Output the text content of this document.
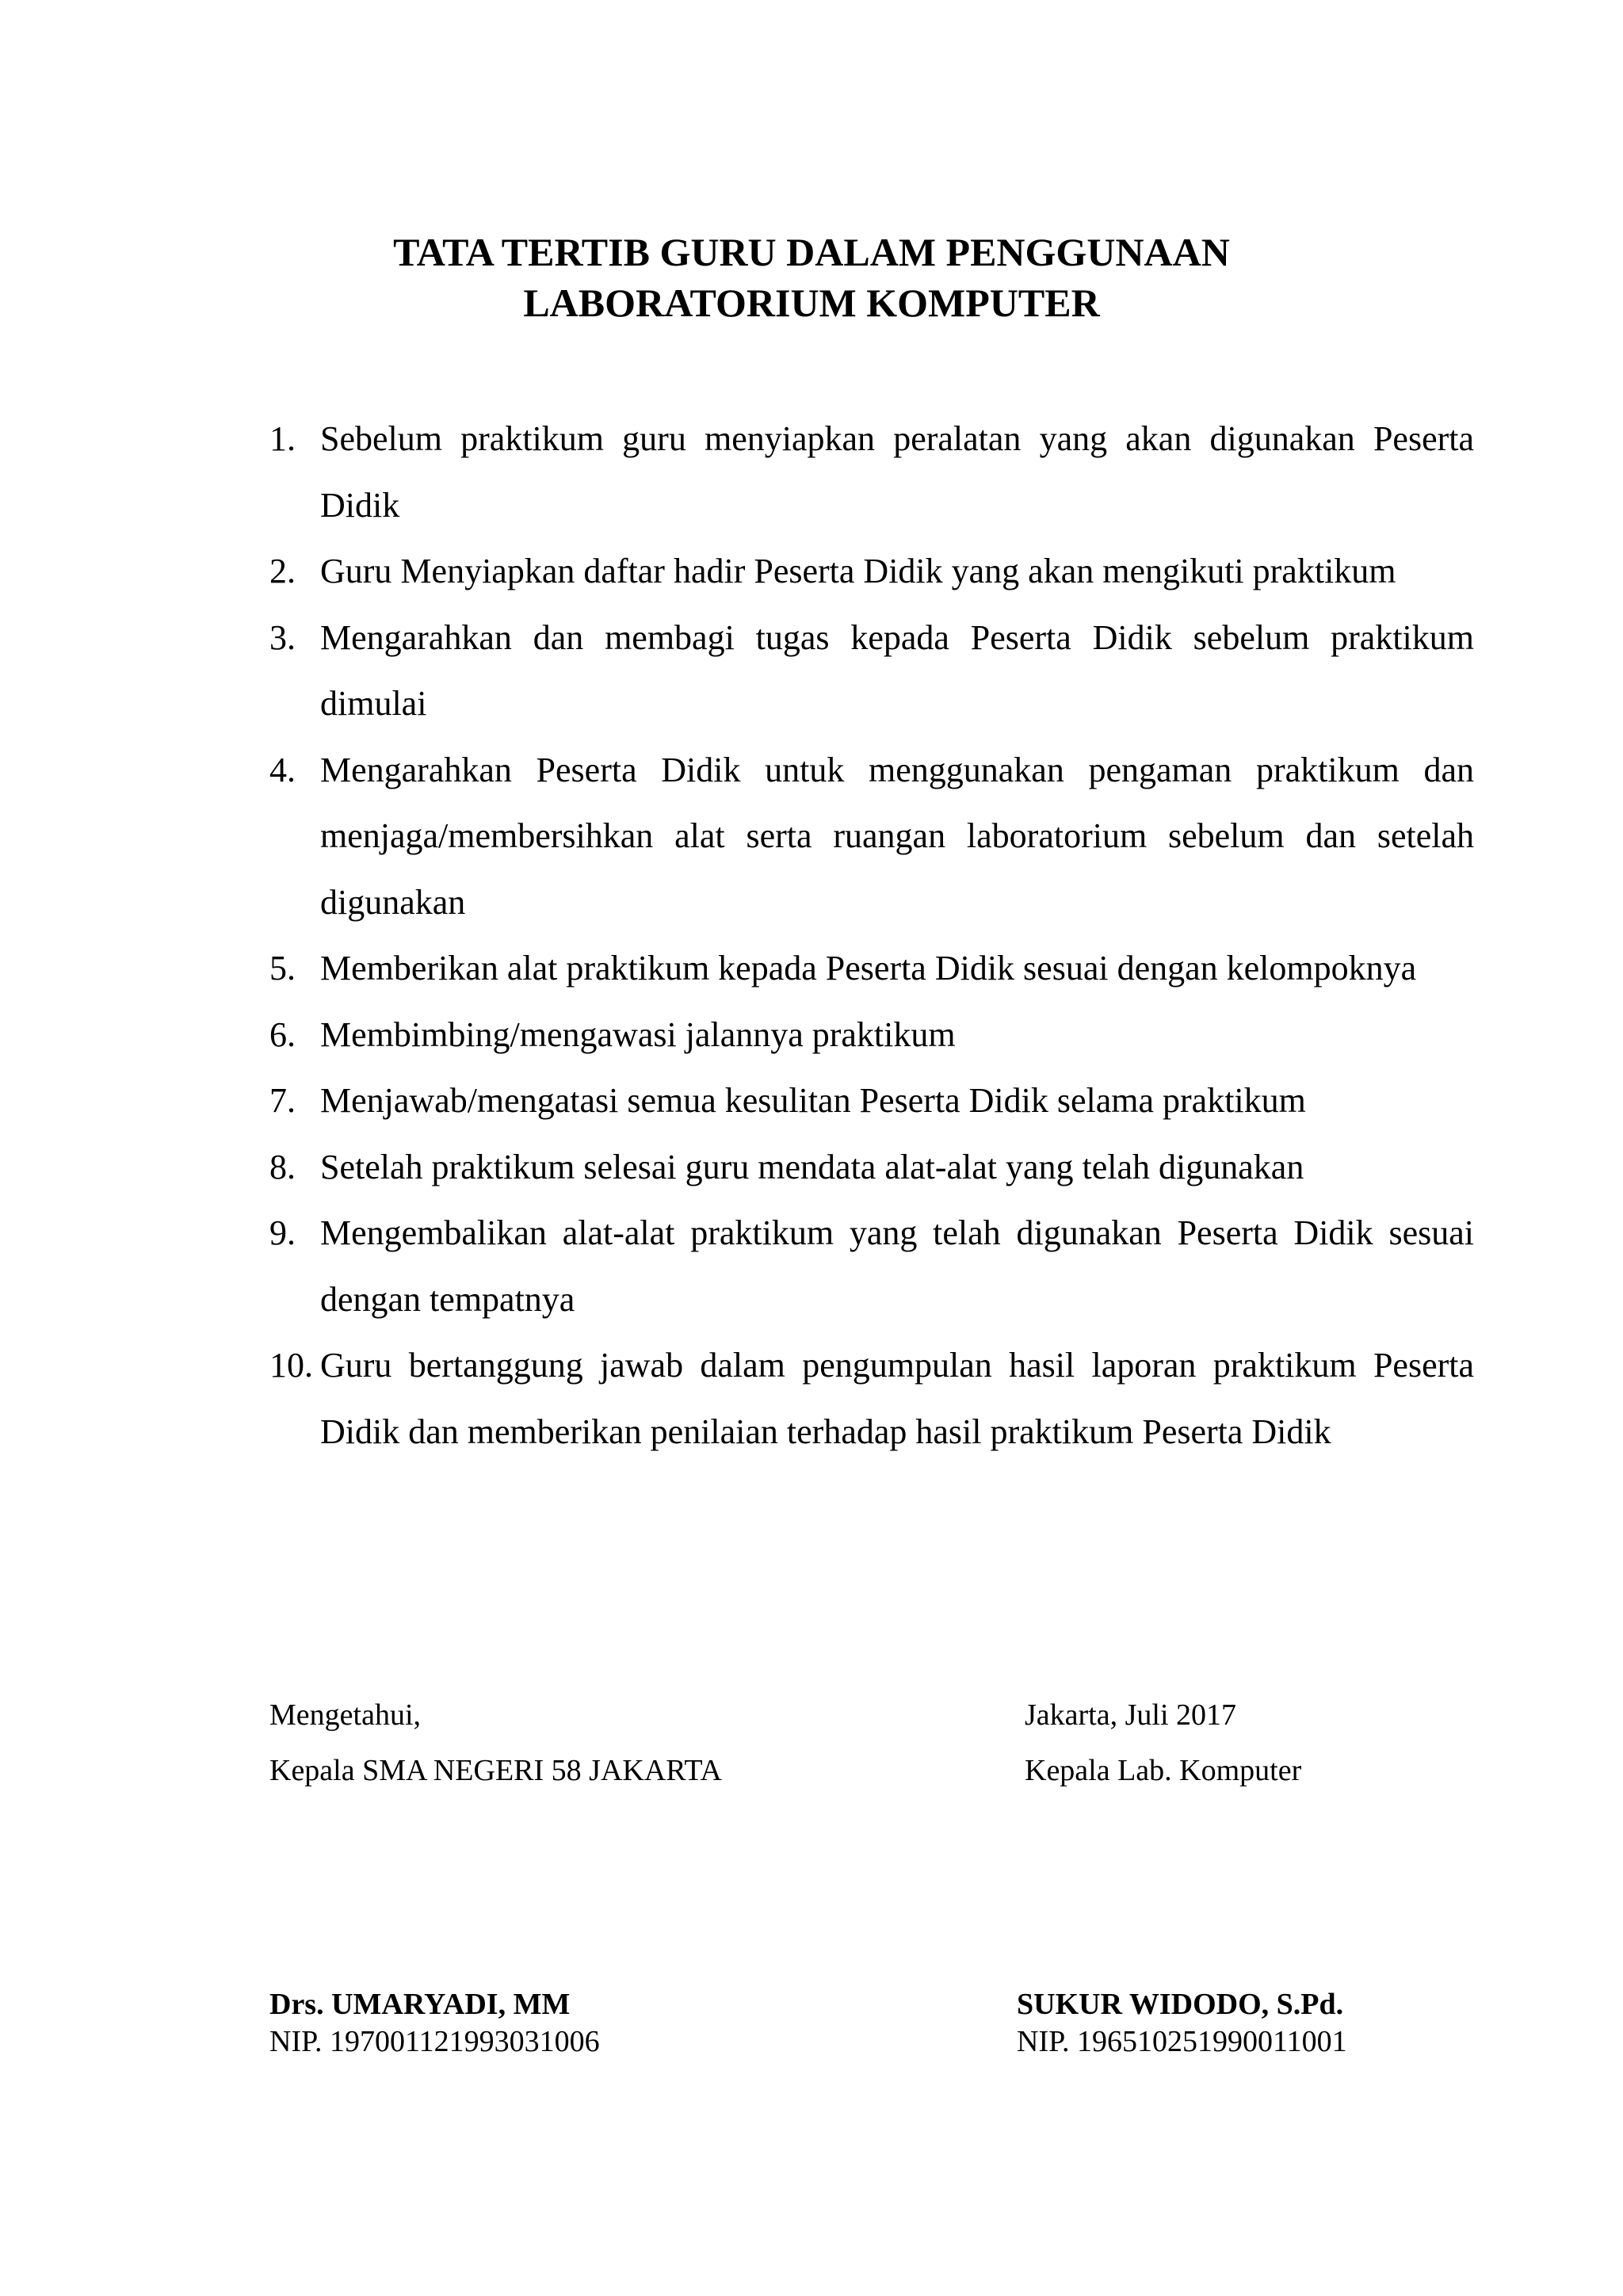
TATA TERTIB GURU DALAM PENGGUNAAN
LABORATORIUM KOMPUTER
1. Sebelum praktikum guru menyiapkan peralatan yang akan digunakan Peserta Didik
2. Guru Menyiapkan daftar hadir Peserta Didik yang akan mengikuti praktikum
3. Mengarahkan dan membagi tugas kepada Peserta Didik sebelum praktikum dimulai
4. Mengarahkan Peserta Didik untuk menggunakan pengaman praktikum dan menjaga/membersihkan alat serta ruangan laboratorium sebelum dan setelah digunakan
5. Memberikan alat praktikum kepada Peserta Didik sesuai dengan kelompoknya
6. Membimbing/mengawasi jalannya praktikum
7. Menjawab/mengatasi semua kesulitan Peserta Didik selama praktikum
8. Setelah praktikum selesai guru mendata alat-alat yang telah digunakan
9. Mengembalikan alat-alat praktikum yang telah digunakan Peserta Didik sesuai dengan tempatnya
10. Guru bertanggung jawab dalam pengumpulan hasil laporan praktikum Peserta Didik dan memberikan penilaian terhadap hasil praktikum Peserta Didik
Mengetahui,
Kepala SMA NEGERI 58 JAKARTA
Drs. UMARYADI, MM
NIP. 197001121993031006
Jakarta, Juli 2017
Kepala Lab. Komputer
SUKUR WIDODO, S.Pd.
NIP. 196510251990011001
